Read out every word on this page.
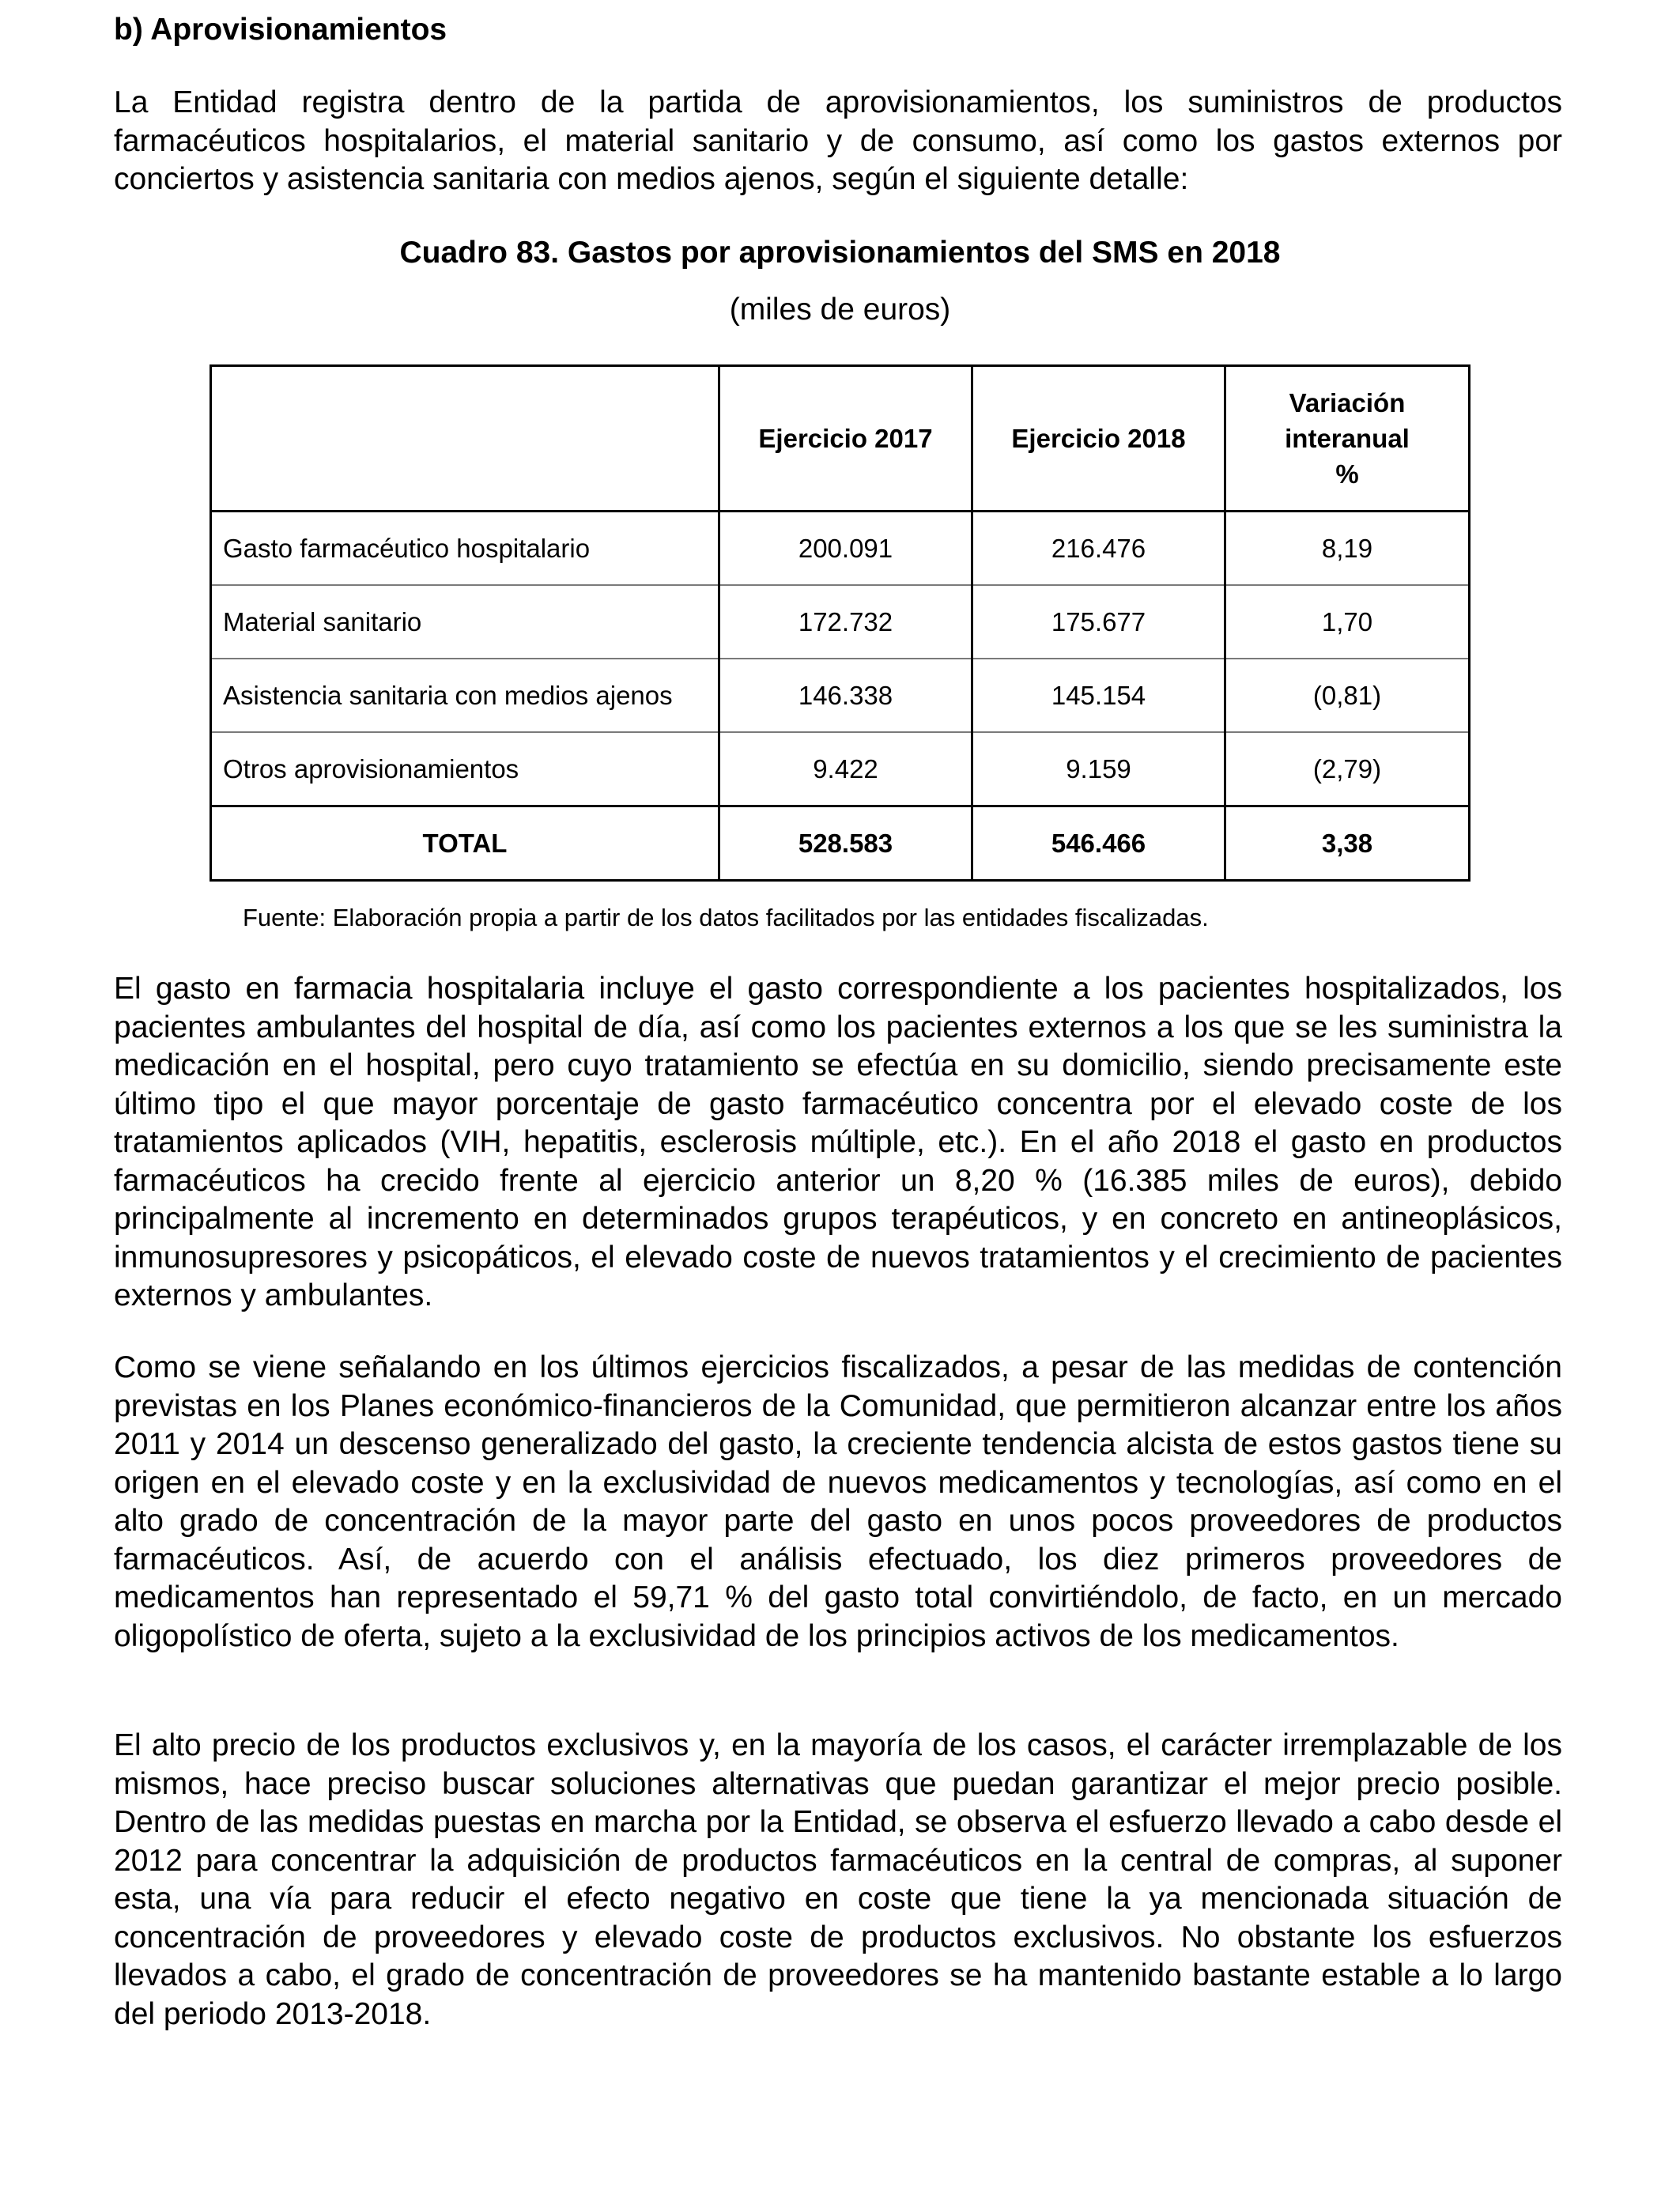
b) Aprovisionamientos

La Entidad registra dentro de la partida de aprovisionamientos, los suministros de productos farmacéuticos hospitalarios, el material sanitario y de consumo, así como los gastos externos por conciertos y asistencia sanitaria con medios ajenos, según el siguiente detalle:

Cuadro 83. Gastos por aprovisionamientos del SMS en 2018

(miles de euros)

	Ejercicio 2017	Ejercicio 2018	Variación
interanual
%
Gasto farmacéutico hospitalario	200.091	216.476	8,19
Material sanitario	172.732	175.677	1,70
Asistencia sanitaria con medios ajenos	146.338	145.154	(0,81)
Otros aprovisionamientos	9.422	9.159	(2,79)
TOTAL	528.583	546.466	3,38

Fuente: Elaboración propia a partir de los datos facilitados por las entidades fiscalizadas.

El gasto en farmacia hospitalaria incluye el gasto correspondiente a los pacientes hospitalizados, los pacientes ambulantes del hospital de día, así como los pacientes externos a los que se les suministra la medicación en el hospital, pero cuyo tratamiento se efectúa en su domicilio, siendo precisamente este último tipo el que mayor porcentaje de gasto farmacéutico concentra por el elevado coste de los tratamientos aplicados (VIH, hepatitis, esclerosis múltiple, etc.). En el año 2018 el gasto en productos farmacéuticos ha crecido frente al ejercicio anterior un 8,20 % (16.385 miles de euros), debido principalmente al incremento en determinados grupos terapéuticos, y en concreto en antineoplásicos, inmunosupresores y psicopáticos, el elevado coste de nuevos tratamientos y el crecimiento de pacientes externos y ambulantes.

Como se viene señalando en los últimos ejercicios fiscalizados, a pesar de las medidas de contención previstas en los Planes económico-financieros de la Comunidad, que permitieron alcanzar entre los años 2011 y 2014 un descenso generalizado del gasto, la creciente tendencia alcista de estos gastos tiene su origen en el elevado coste y en la exclusividad de nuevos medicamentos y tecnologías, así como en el alto grado de concentración de la mayor parte del gasto en unos pocos proveedores de productos farmacéuticos. Así, de acuerdo con el análisis efectuado, los diez primeros proveedores de medicamentos han representado el 59,71 % del gasto total convirtiéndolo, de facto, en un mercado oligopolístico de oferta, sujeto a la exclusividad de los principios activos de los medicamentos.

El alto precio de los productos exclusivos y, en la mayoría de los casos, el carácter irremplazable de los mismos, hace preciso buscar soluciones alternativas que puedan garantizar el mejor precio posible. Dentro de las medidas puestas en marcha por la Entidad, se observa el esfuerzo llevado a cabo desde el 2012 para concentrar la adquisición de productos farmacéuticos en la central de compras, al suponer esta, una vía para reducir el efecto negativo en coste que tiene la ya mencionada situación de concentración de proveedores y elevado coste de productos exclusivos. No obstante los esfuerzos llevados a cabo, el grado de concentración de proveedores se ha mantenido bastante estable a lo largo del periodo 2013-2018.
